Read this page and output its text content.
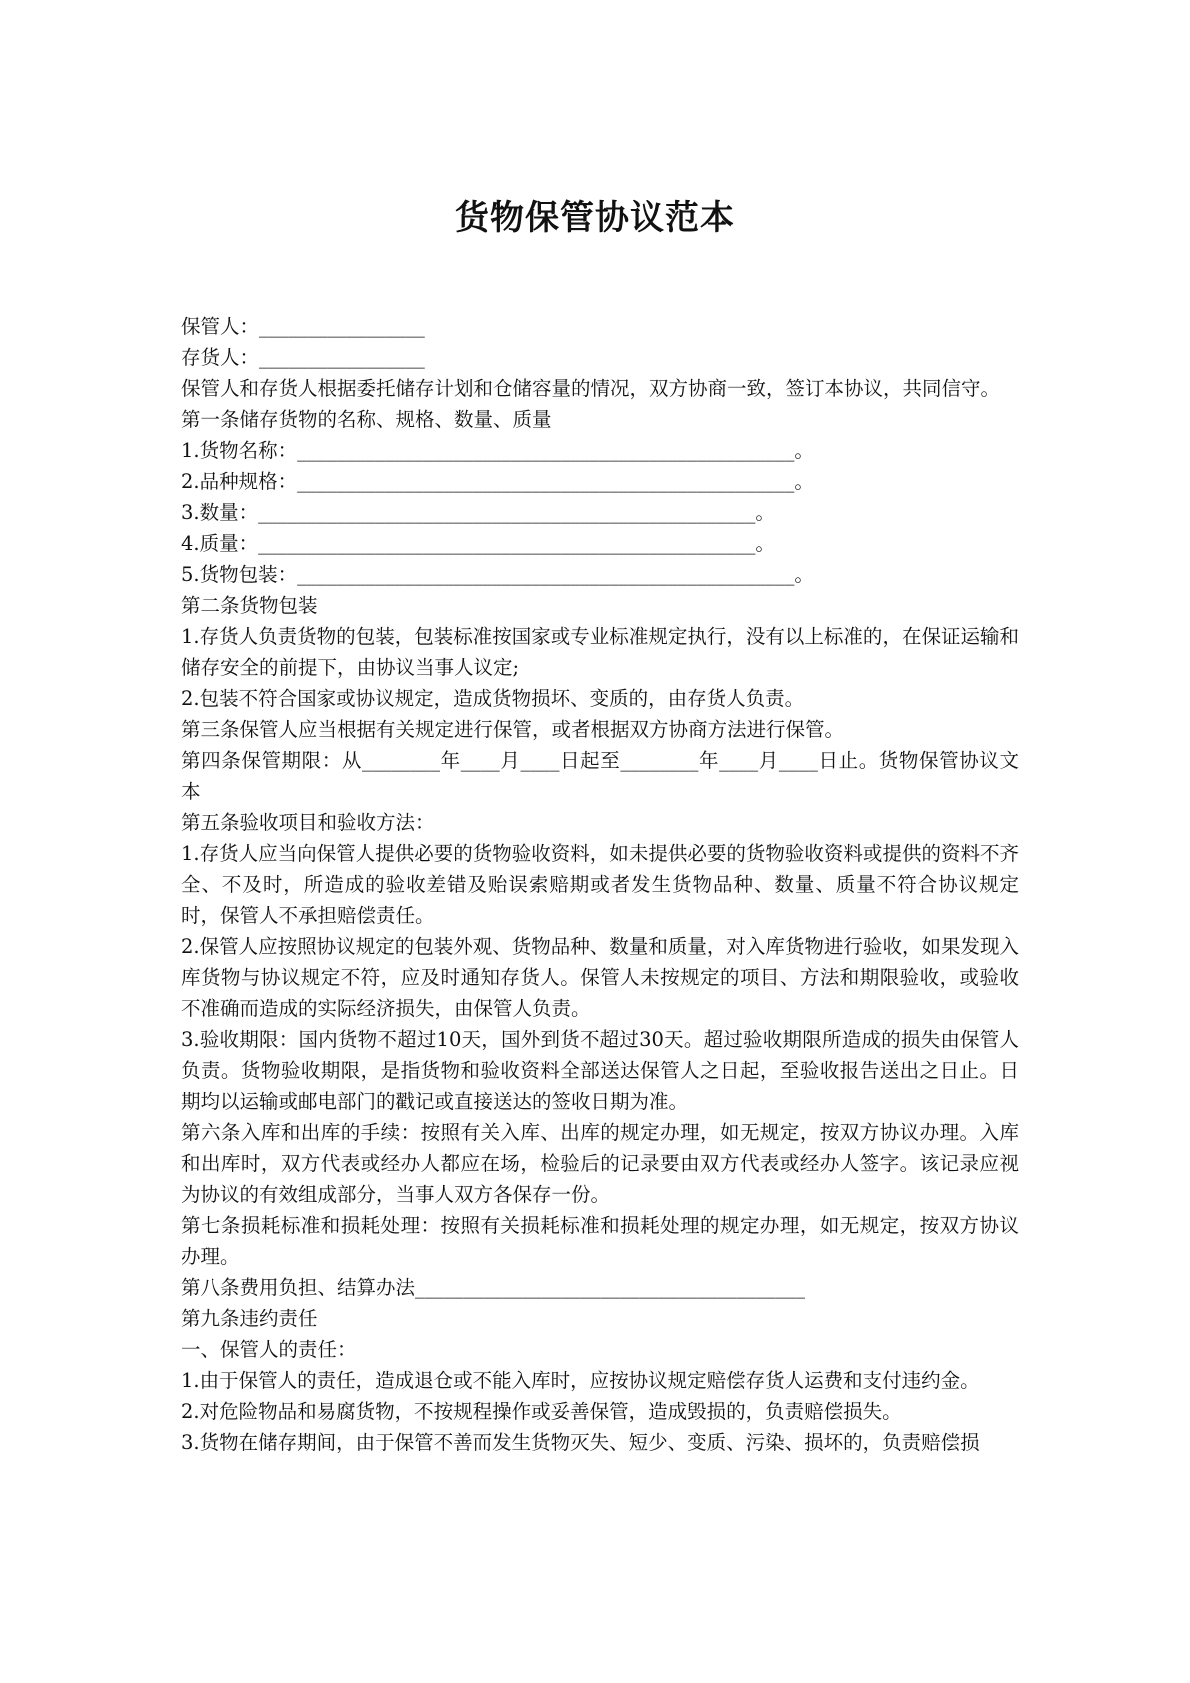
货物保管协议范本

保管人：_________________

存货人：_________________

保管人和存货人根据委托储存计划和仓储容量的情况，双方协商一致，签订本协议，共同信守。

第一条储存货物的名称、规格、数量、质量

1.货物名称：___________________________________________________。

2.品种规格：___________________________________________________。

3.数量：___________________________________________________。

4.质量：___________________________________________________。

5.货物包装：___________________________________________________。

第二条货物包装

1.存货人负责货物的包装，包装标准按国家或专业标准规定执行，没有以上标准的，在保证运输和储存安全的前提下，由协议当事人议定;

2.包装不符合国家或协议规定，造成货物损坏、变质的，由存货人负责。

第三条保管人应当根据有关规定进行保管，或者根据双方协商方法进行保管。

第四条保管期限：从________年____月____日起至________年____月____日止。货物保管协议文本

第五条验收项目和验收方法：

1.存货人应当向保管人提供必要的货物验收资料，如未提供必要的货物验收资料或提供的资料不齐全、不及时，所造成的验收差错及贻误索赔期或者发生货物品种、数量、质量不符合协议规定时，保管人不承担赔偿责任。

2.保管人应按照协议规定的包装外观、货物品种、数量和质量，对入库货物进行验收，如果发现入库货物与协议规定不符，应及时通知存货人。保管人未按规定的项目、方法和期限验收，或验收不准确而造成的实际经济损失，由保管人负责。

3.验收期限：国内货物不超过10天，国外到货不超过30天。超过验收期限所造成的损失由保管人负责。货物验收期限，是指货物和验收资料全部送达保管人之日起，至验收报告送出之日止。日期均以运输或邮电部门的戳记或直接送达的签收日期为准。

第六条入库和出库的手续：按照有关入库、出库的规定办理，如无规定，按双方协议办理。入库和出库时，双方代表或经办人都应在场，检验后的记录要由双方代表或经办人签字。该记录应视为协议的有效组成部分，当事人双方各保存一份。

第七条损耗标准和损耗处理：按照有关损耗标准和损耗处理的规定办理，如无规定，按双方协议办理。

第八条费用负担、结算办法________________________________________

第九条违约责任

一、保管人的责任：

1.由于保管人的责任，造成退仓或不能入库时，应按协议规定赔偿存货人运费和支付违约金。

2.对危险物品和易腐货物，不按规程操作或妥善保管，造成毁损的，负责赔偿损失。

3.货物在储存期间，由于保管不善而发生货物灭失、短少、变质、污染、损坏的，负责赔偿损
